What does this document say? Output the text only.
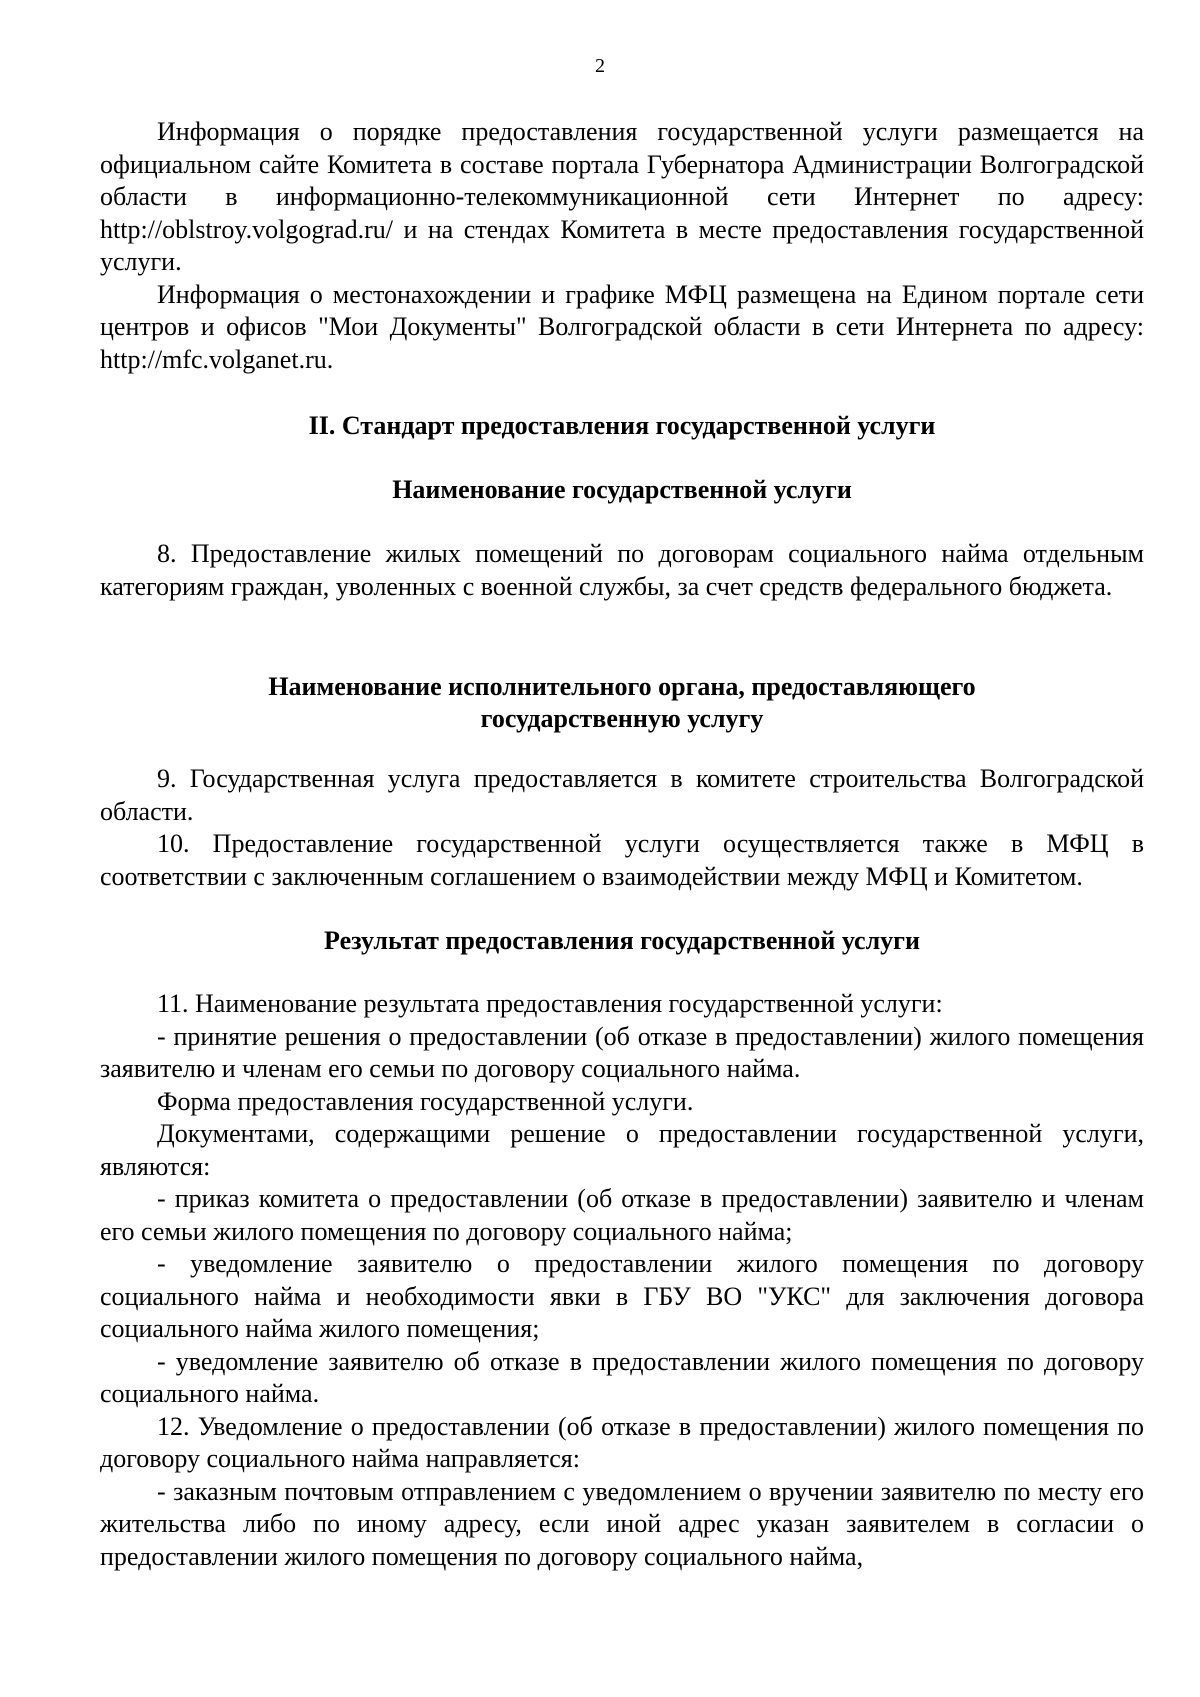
2

Информация о порядке предоставления государственной услуги размещается на официальном сайте Комитета в составе портала Губернатора Администрации Волгоградской области в информационно-телекоммуникационной сети Интернет по адресу: http://oblstroy.volgograd.ru/ и на стендах Комитета в месте предоставления государственной услуги.

Информация о местонахождении и графике МФЦ размещена на Едином портале сети центров и офисов "Мои Документы" Волгоградской области в сети Интернета по адресу: http://mfc.volganet.ru.

II. Стандарт предоставления государственной услуги
Наименование государственной услуги

8. Предоставление жилых помещений по договорам социального найма отдельным категориям граждан, уволенных с военной службы, за счет средств федерального бюджета.

Наименование исполнительного органа, предоставляющего
государственную услугу

9. Государственная услуга предоставляется в комитете строительства Волгоградской области.

10. Предоставление государственной услуги осуществляется также в МФЦ в соответствии с заключенным соглашением о взаимодействии между МФЦ и Комитетом.

Результат предоставления государственной услуги

11. Наименование результата предоставления государственной услуги:

- принятие решения о предоставлении (об отказе в предоставлении) жилого помещения заявителю и членам его семьи по договору социального найма.

Форма предоставления государственной услуги.

Документами, содержащими решение о предоставлении государственной услуги, являются:

- приказ комитета о предоставлении (об отказе в предоставлении) заявителю и членам его семьи жилого помещения по договору социального найма;

- уведомление заявителю о предоставлении жилого помещения по договору социального найма и необходимости явки в ГБУ ВО "УКС" для заключения договора социального найма жилого помещения;

- уведомление заявителю об отказе в предоставлении жилого помещения по договору социального найма.

12. Уведомление о предоставлении (об отказе в предоставлении) жилого помещения по договору социального найма направляется:

- заказным почтовым отправлением с уведомлением о вручении заявителю по месту его жительства либо по иному адресу, если иной адрес указан заявителем в согласии о предоставлении жилого помещения по договору социального найма,
